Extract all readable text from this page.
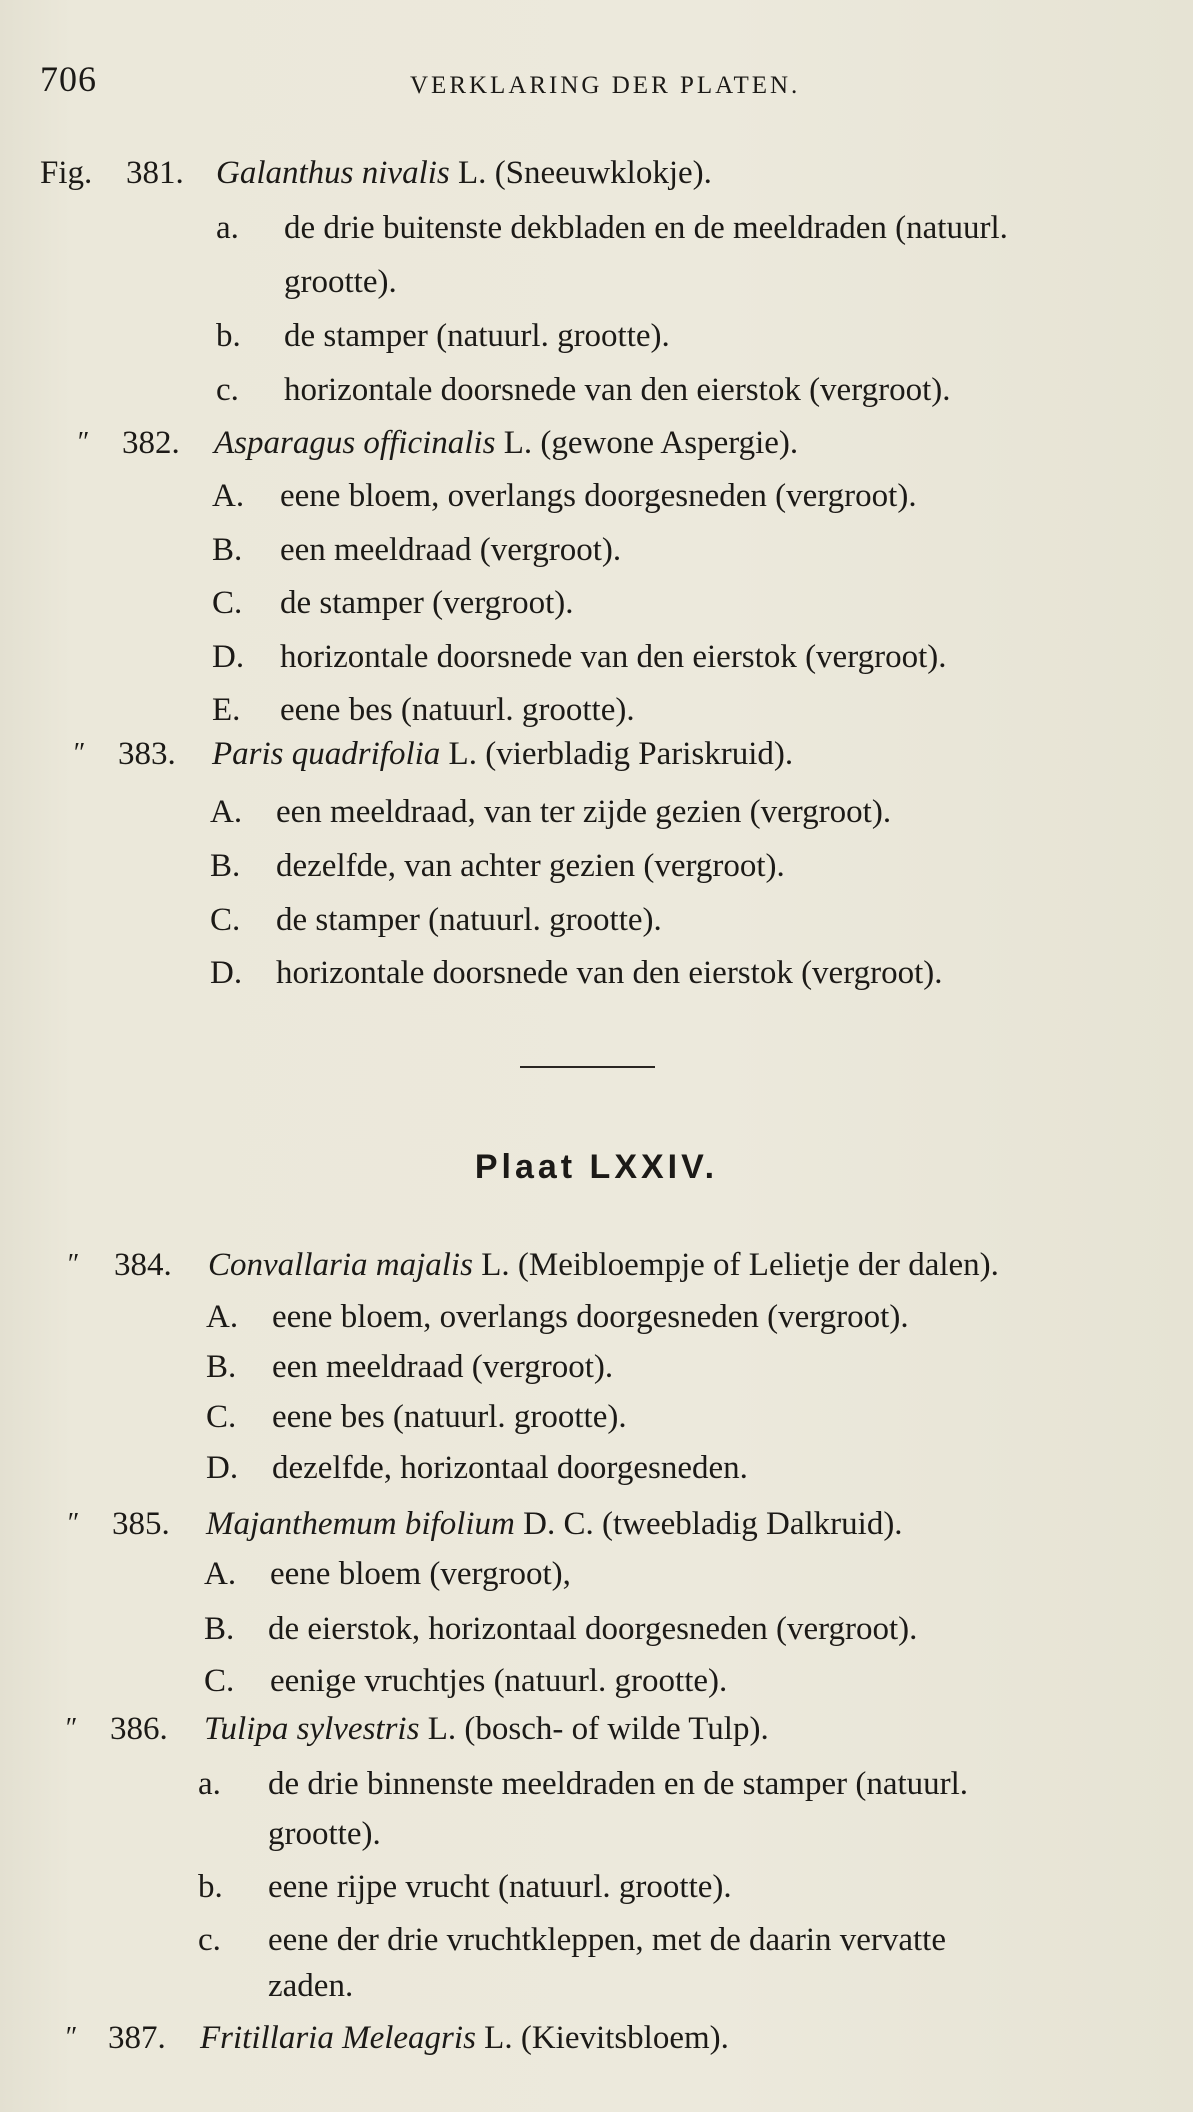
706	VERKLARING DER PLATEN.
Fig. 381. Galanthus nivalis L. (Sneeuwklokje).
a. de drie buitenste dekbladen en de meeldraden (natuurl.
grootte).
b. de stamper (natuurl. grootte).
c. horizontale doorsnede van den eierstok (vergroot).
″ 382. Asparagus officinalis L. (gewone Aspergie).
A. eene bloem, overlangs doorgesneden (vergroot).
B. een meeldraad (vergroot).
C. de stamper (vergroot).
D. horizontale doorsnede van den eierstok (vergroot).
E. eene bes (natuurl. grootte).
″ 383. Paris quadrifolia L. (vierbladig Pariskruid).
A. een meeldraad, van ter zijde gezien (vergroot).
B. dezelfde, van achter gezien (vergroot).
C. de stamper (natuurl. grootte).
D. horizontale doorsnede van den eierstok (vergroot).
Plaat LXXIV.
″ 384. Convallaria majalis L. (Meibloempje of Lelietje der dalen).
A. eene bloem, overlangs doorgesneden (vergroot).
B. een meeldraad (vergroot).
C. eene bes (natuurl. grootte).
D. dezelfde, horizontaal doorgesneden.
″ 385. Majanthemum bifolium D. C. (tweebladig Dalkruid).
A. eene bloem (vergroot),
B. de eierstok, horizontaal doorgesneden (vergroot).
C. eenige vruchtjes (natuurl. grootte).
″ 386. Tulipa sylvestris L. (bosch- of wilde Tulp).
a. de drie binnenste meeldraden en de stamper (natuurl.
grootte).
b. eene rijpe vrucht (natuurl. grootte).
c. eene der drie vruchtkleppen, met de daarin vervatte
zaden.
″ 387. Fritillaria Meleagris L. (Kievitsbloem).
